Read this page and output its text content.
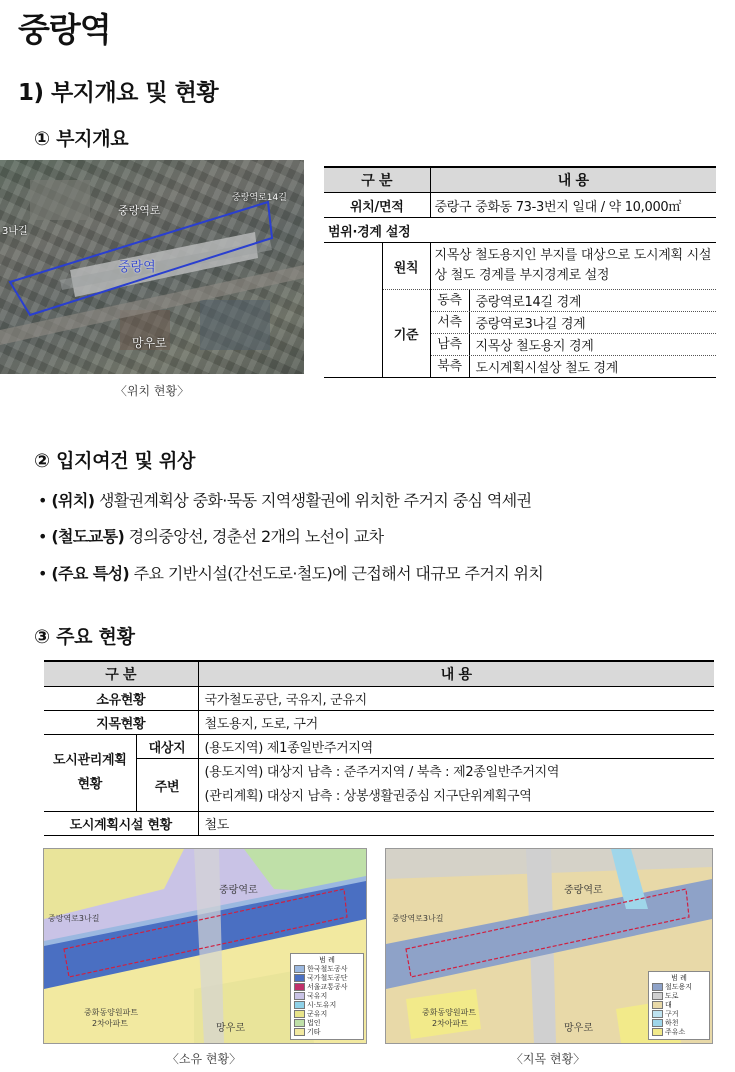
중랑역
1) 부지개요 및 현황
① 부지개요
중랑역로
중랑역로14길
3나길
중랑역
망우로
〈위치 현황〉
구 분		내 용
위치/면적		중랑구 중화동 73-3번지 일대 / 약 10,000㎡
범위·경계 설정		
	원칙	지목상 철도용지인 부지를 대상으로 도시계획 시설상 철도 경계를 부지경계로 설정
	기준	동측 중랑역로14길 경계

		서측 중랑역로3나길 경계

		남측 지목상 철도용지 경계

		북측 도시계획시설상 철도 경계
② 입지여건 및 위상
• (위치) 생활권계획상 중화·묵동 지역생활권에 위치한 주거지 중심 역세권
• (철도교통) 경의중앙선, 경춘선 2개의 노선이 교차
• (주요 특성) 주요 기반시설(간선도로·철도)에 근접해서 대규모 주거지 위치
③ 주요 현황
구 분		내 용
소유현황		국가철도공단, 국유지, 군유지
지목현황		철도용지, 도로, 구거
도시관리계획
현황	대상지	(용도지역) 제1종일반주거지역
	주변	(용도지역) 대상지 남측 : 준주거지역 / 북측 : 제2종일반주거지역
(관리계획) 대상지 남측 : 상봉생활권중심 지구단위계획구역
도시계획시설 현황		철도
중랑역로
중랑역로3나길
중화동양원파트
2차아파트	망우로
범 례
한국철도공사
국가철도공단
서울교통공사
국유지
시·도유지
군유지
법인
기타
〈소유 현황〉
중랑역로
중랑역로3나길
중화동양원파트
2차아파트	망우로
범 례
철도용지
도로
대
구거
하천
주유소
〈지목 현황〉
